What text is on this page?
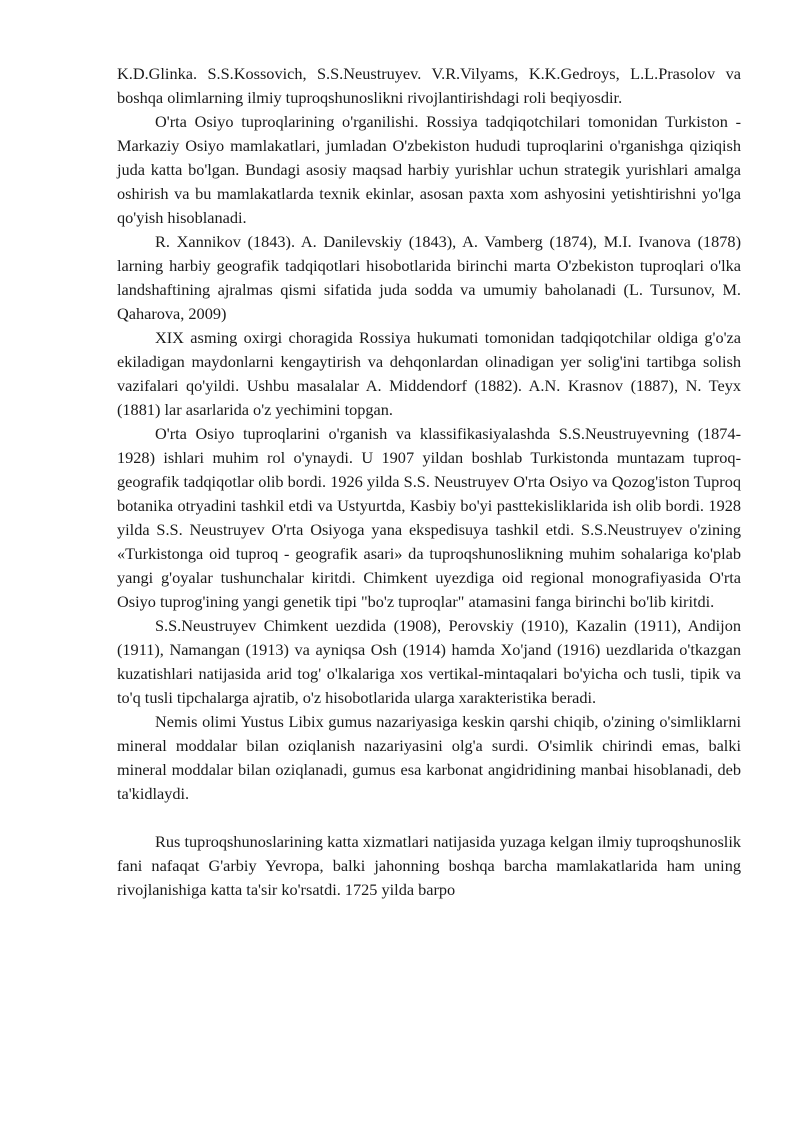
K.D.Glinka. S.S.Kossovich, S.S.Neustruyev. V.R.Vilyams, K.K.Gedroys, L.L.Prasolov va boshqa olimlarning ilmiy tuproqshunoslikni rivojlantirishdagi roli beqiyosdir.

O'rta Osiyo tuproqlarining o'rganilishi. Rossiya tadqiqotchilari tomonidan Turkiston - Markaziy Osiyo mamlakatlari, jumladan O'zbekiston hududi tuproqlarini o'rganishga qiziqish juda katta bo'lgan. Bundagi asosiy maqsad harbiy yurishlar uchun strategik yurishlari amalga oshirish va bu mamlakatlarda texnik ekinlar, asosan paxta xom ashyosini yetishtirishni yo'lga qo'yish hisoblanadi.

R. Xannikov (1843). A. Danilevskiy (1843), A. Vamberg (1874), M.I. Ivanova (1878) larning harbiy geografik tadqiqotlari hisobotlarida birinchi marta O'zbekiston tuproqlari o'lka landshaftining ajralmas qismi sifatida juda sodda va umumiy baholanadi (L. Tursunov, M. Qaharova, 2009)

XIX asming oxirgi choragida Rossiya hukumati tomonidan tadqiqotchilar oldiga g'o'za ekiladigan maydonlarni kengaytirish va dehqonlardan olinadigan yer solig'ini tartibga solish vazifalari qo'yildi. Ushbu masalalar A. Middendorf (1882). A.N. Krasnov (1887), N. Teyx (1881) lar asarlarida o'z yechimini topgan.

O'rta Osiyo tuproqlarini o'rganish va klassifikasiyalashda S.S.Neustruyevning (1874-1928) ishlari muhim rol o'ynaydi. U 1907 yildan boshlab Turkistonda muntazam tuproq-geografik tadqiqotlar olib bordi. 1926 yilda S.S. Neustruyev O'rta Osiyo va Qozog'iston Tuproq botanika otryadini tashkil etdi va Ustyurtda, Kasbiy bo'yi pasttekisliklarida ish olib bordi. 1928 yilda S.S. Neustruyev O'rta Osiyoga yana ekspedisuya tashkil etdi. S.S.Neustruyev o'zining «Turkistonga oid tuproq - geografik asari» da tuproqshunoslikning muhim sohalariga ko'plab yangi g'oyalar tushunchalar kiritdi. Chimkent uyezdiga oid regional monografiyasida O'rta Osiyo tuprog'ining yangi genetik tipi "bo'z tuproqlar" atamasini fanga birinchi bo'lib kiritdi.

S.S.Neustruyev Chimkent uezdida (1908), Perovskiy (1910), Kazalin (1911), Andijon (1911), Namangan (1913) va ayniqsa Osh (1914) hamda Xo'jand (1916) uezdlarida o'tkazgan kuzatishlari natijasida arid tog' o'lkalariga xos vertikal-mintaqalari bo'yicha och tusli, tipik va to'q tusli tipchalarga ajratib, o'z hisobotlarida ularga xarakteristika beradi.

Nemis olimi Yustus Libix gumus nazariyasiga keskin qarshi chiqib, o'zining o'simliklarni mineral moddalar bilan oziqlanish nazariyasini olg'a surdi. O'simlik chirindi emas, balki mineral moddalar bilan oziqlanadi, gumus esa karbonat angidridining manbai hisoblanadi, deb ta'kidlaydi.

Rus tuproqshunoslarining katta xizmatlari natijasida yuzaga kelgan ilmiy tuproqshunoslik fani nafaqat G'arbiy Yevropa, balki jahonning boshqa barcha mamlakatlarida ham uning rivojlanishiga katta ta'sir ko'rsatdi. 1725 yilda barpo
